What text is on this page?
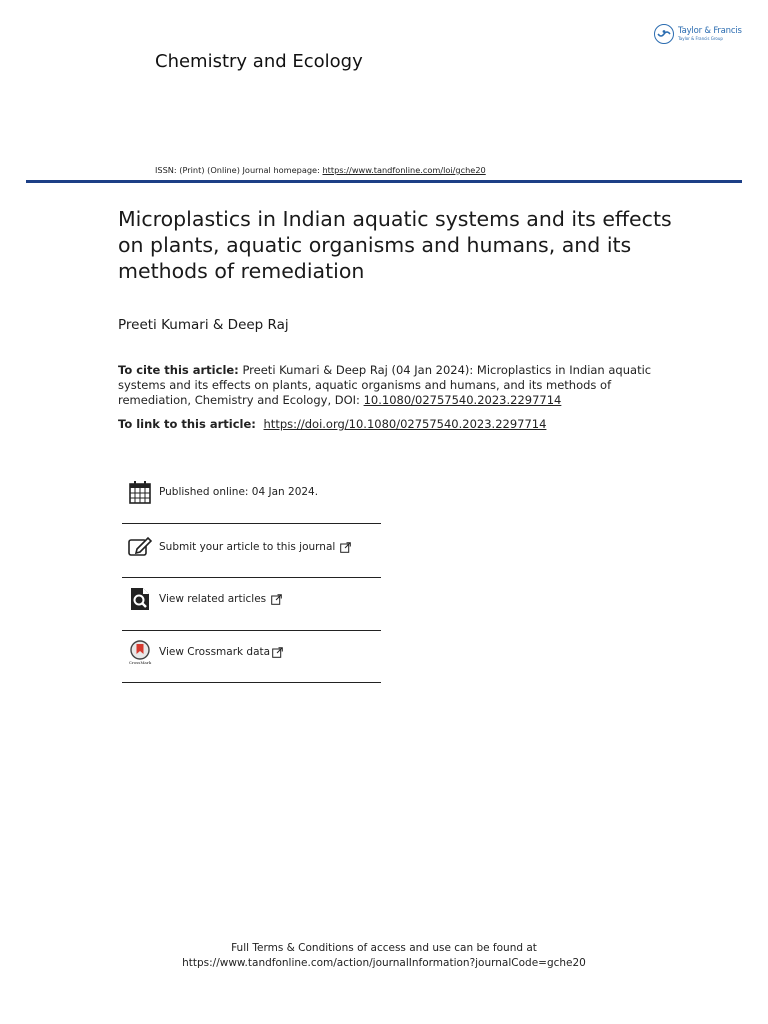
Taylor & Francis
Taylor & Francis Group
Chemistry and Ecology
ISSN: (Print) (Online) Journal homepage: https://www.tandfonline.com/loi/gche20
Microplastics in Indian aquatic systems and its effects on plants, aquatic organisms and humans, and its methods of remediation
Preeti Kumari & Deep Raj
To cite this article: Preeti Kumari & Deep Raj (04 Jan 2024): Microplastics in Indian aquatic systems and its effects on plants, aquatic organisms and humans, and its methods of remediation, Chemistry and Ecology, DOI: 10.1080/02757540.2023.2297714
To link to this article:  https://doi.org/10.1080/02757540.2023.2297714
Published online: 04 Jan 2024.
Submit your article to this journal
View related articles
CrossMark
View Crossmark data
Full Terms & Conditions of access and use can be found at
https://www.tandfonline.com/action/journalInformation?journalCode=gche20
